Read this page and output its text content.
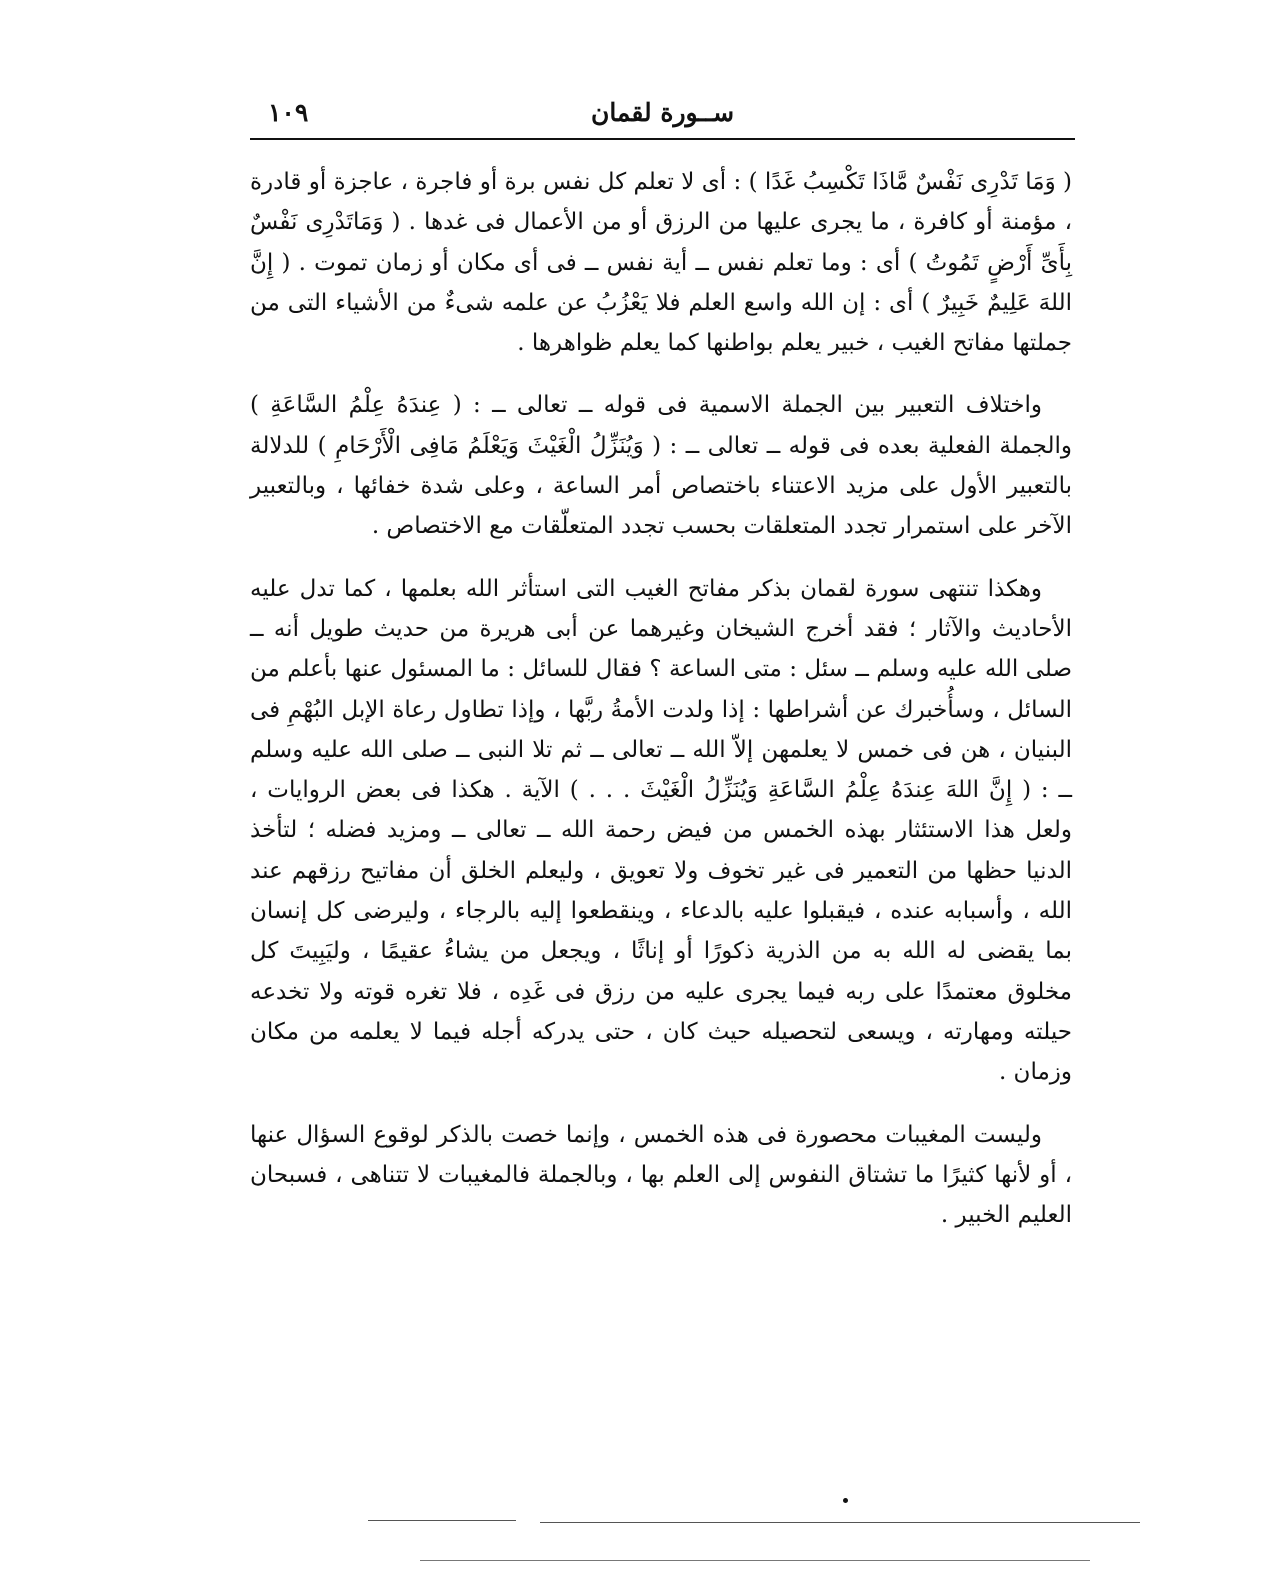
ســورة لقمان
١٠٩

( وَمَا تَدْرِى نَفْسٌ مَّاذَا تَكْسِبُ غَدًا ) : أى لا تعلم كل نفس برة أو فاجرة ، عاجزة أو قادرة ، مؤمنة أو كافرة ، ما يجرى عليها من الرزق أو من الأعمال فى غدها . ( وَمَاتَدْرِى نَفْسٌ بِأَىِّ أَرْضٍ تَمُوتُ ) أى : وما تعلم نفس ــ أية نفس ــ فى أى مكان أو زمان تموت . ( إِنَّ اللهَ عَلِيمٌ خَبِيرٌ ) أى : إن الله واسع العلم فلا يَعْزُبُ عن علمه شىءٌ من الأشياء التى من جملتها مفاتح الغيب ، خبير يعلم بواطنها كما يعلم ظواهرها .

واختلاف التعبير بين الجملة الاسمية فى قوله ــ تعالى ــ : ( عِندَهُ عِلْمُ السَّاعَةِ ) والجملة الفعلية بعده فى قوله ــ تعالى ــ : ( وَيُنَزِّلُ الْغَيْثَ وَيَعْلَمُ مَافِى الْأَرْحَامِ ) للدلالة بالتعبير الأول على مزيد الاعتناء باختصاص أمر الساعة ، وعلى شدة خفائها ، وبالتعبير الآخر على استمرار تجدد المتعلقات بحسب تجدد المتعلّقات مع الاختصاص .

وهكذا تنتهى سورة لقمان بذكر مفاتح الغيب التى استأثر الله بعلمها ، كما تدل عليه الأحاديث والآثار ؛ فقد أخرج الشيخان وغيرهما عن أبى هريرة من حديث طويل أنه ــ صلى الله عليه وسلم ــ سئل : متى الساعة ؟ فقال للسائل : ما المسئول عنها بأعلم من السائل ، وسأُخبرك عن أشراطها : إذا ولدت الأمةُ ربَّها ، وإذا تطاول رعاة الإبل البُهْمِ فى البنيان ، هن فى خمس لا يعلمهن إلاّ الله ــ تعالى ــ ثم تلا النبى ــ صلى الله عليه وسلم ــ : ( إِنَّ اللهَ عِندَهُ عِلْمُ السَّاعَةِ وَيُنَزِّلُ الْغَيْثَ . . . ) الآية . هكذا فى بعض الروايات ، ولعل هذا الاستئثار بهذه الخمس من فيض رحمة الله ــ تعالى ــ ومزيد فضله ؛ لتأخذ الدنيا حظها من التعمير فى غير تخوف ولا تعويق ، وليعلم الخلق أن مفاتيح رزقهم عند الله ، وأسبابه عنده ، فيقبلوا عليه بالدعاء ، وينقطعوا إليه بالرجاء ، وليرضى كل إنسان بما يقضى له الله به من الذرية ذكورًا أو إناثًا ، ويجعل من يشاءُ عقيمًا ، وليَبِيتَ كل مخلوق معتمدًا على ربه فيما يجرى عليه من رزق فى غَدِه ، فلا تغره قوته ولا تخدعه حيلته ومهارته ، ويسعى لتحصيله حيث كان ، حتى يدركه أجله فيما لا يعلمه من مكان وزمان .

وليست المغيبات محصورة فى هذه الخمس ، وإنما خصت بالذكر لوقوع السؤال عنها ، أو لأنها كثيرًا ما تشتاق النفوس إلى العلم بها ، وبالجملة فالمغيبات لا تتناهى ، فسبحان العليم الخبير .
